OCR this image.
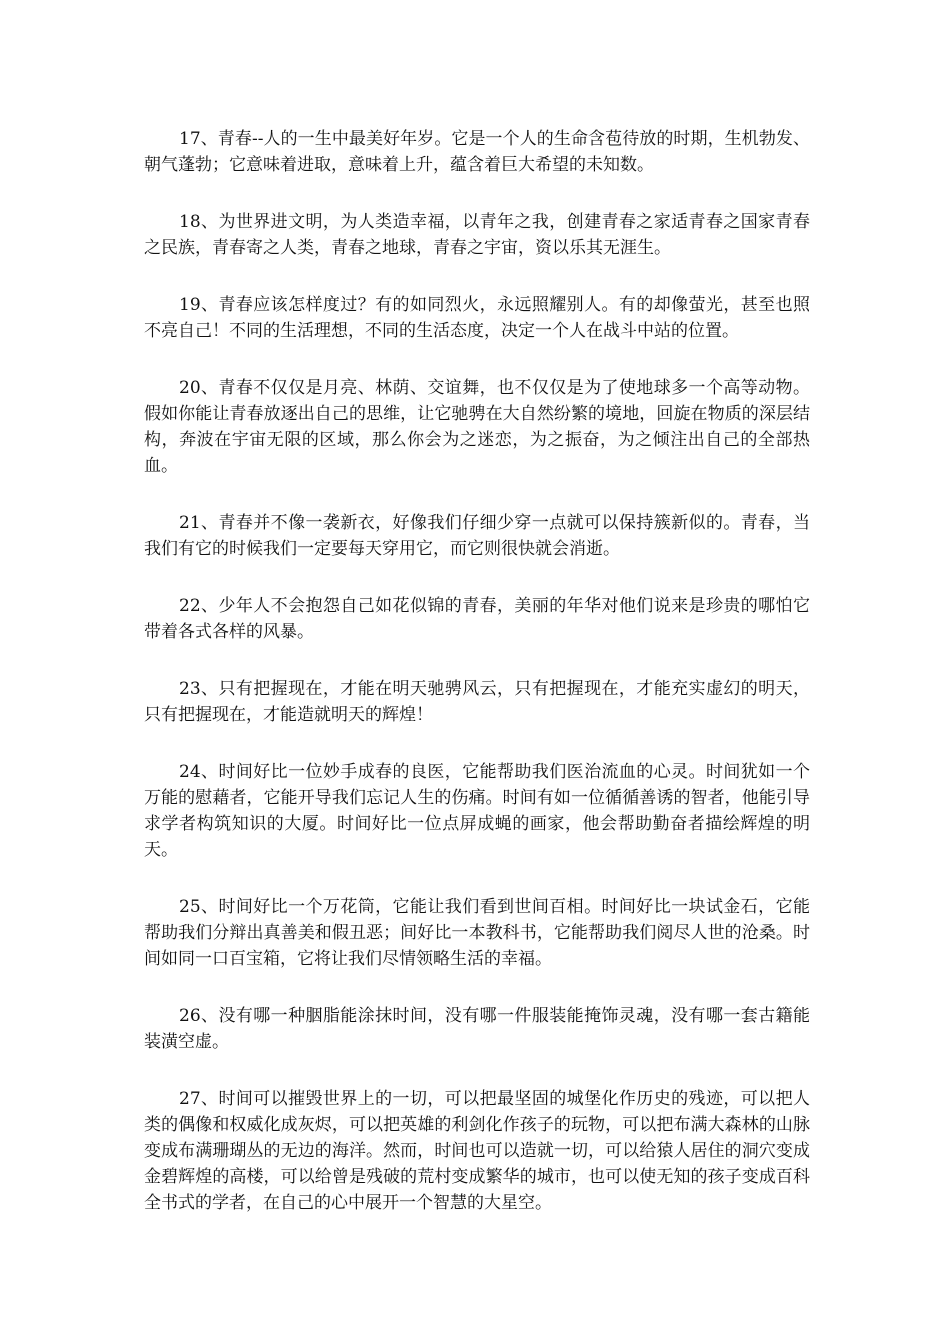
17、青春--人的一生中最美好年岁。它是一个人的生命含苞待放的时期，生机勃发、朝气蓬勃；它意味着进取，意味着上升，蕴含着巨大希望的未知数。

18、为世界进文明，为人类造幸福，以青年之我，创建青春之家适青春之国家青春之民族，青春寄之人类，青春之地球，青春之宇宙，资以乐其无涯生。

19、青春应该怎样度过？有的如同烈火，永远照耀别人。有的却像萤光，甚至也照不亮自己！不同的生活理想，不同的生活态度，决定一个人在战斗中站的位置。

20、青春不仅仅是月亮、林荫、交谊舞，也不仅仅是为了使地球多一个高等动物。假如你能让青春放逐出自己的思维，让它驰骋在大自然纷繁的境地，回旋在物质的深层结构，奔波在宇宙无限的区域，那么你会为之迷恋，为之振奋，为之倾注出自己的全部热血。

21、青春并不像一袭新衣，好像我们仔细少穿一点就可以保持簇新似的。青春，当我们有它的时候我们一定要每天穿用它，而它则很快就会消逝。

22、少年人不会抱怨自己如花似锦的青春，美丽的年华对他们说来是珍贵的哪怕它带着各式各样的风暴。

23、只有把握现在，才能在明天驰骋风云，只有把握现在，才能充实虚幻的明天，只有把握现在，才能造就明天的辉煌！

24、时间好比一位妙手成春的良医，它能帮助我们医治流血的心灵。时间犹如一个万能的慰藉者，它能开导我们忘记人生的伤痛。时间有如一位循循善诱的智者，他能引导求学者构筑知识的大厦。时间好比一位点屏成蝇的画家，他会帮助勤奋者描绘辉煌的明天。

25、时间好比一个万花筒，它能让我们看到世间百相。时间好比一块试金石，它能帮助我们分辩出真善美和假丑恶；间好比一本教科书，它能帮助我们阅尽人世的沧桑。时间如同一口百宝箱，它将让我们尽情领略生活的幸福。

26、没有哪一种胭脂能涂抹时间，没有哪一件服装能掩饰灵魂，没有哪一套古籍能装潢空虚。

27、时间可以摧毁世界上的一切，可以把最坚固的城堡化作历史的残迹，可以把人类的偶像和权威化成灰烬，可以把英雄的利剑化作孩子的玩物，可以把布满大森林的山脉变成布满珊瑚丛的无边的海洋。然而，时间也可以造就一切，可以给猿人居住的洞穴变成金碧辉煌的高楼，可以给曾是残破的荒村变成繁华的城市，也可以使无知的孩子变成百科全书式的学者，在自己的心中展开一个智慧的大星空。
